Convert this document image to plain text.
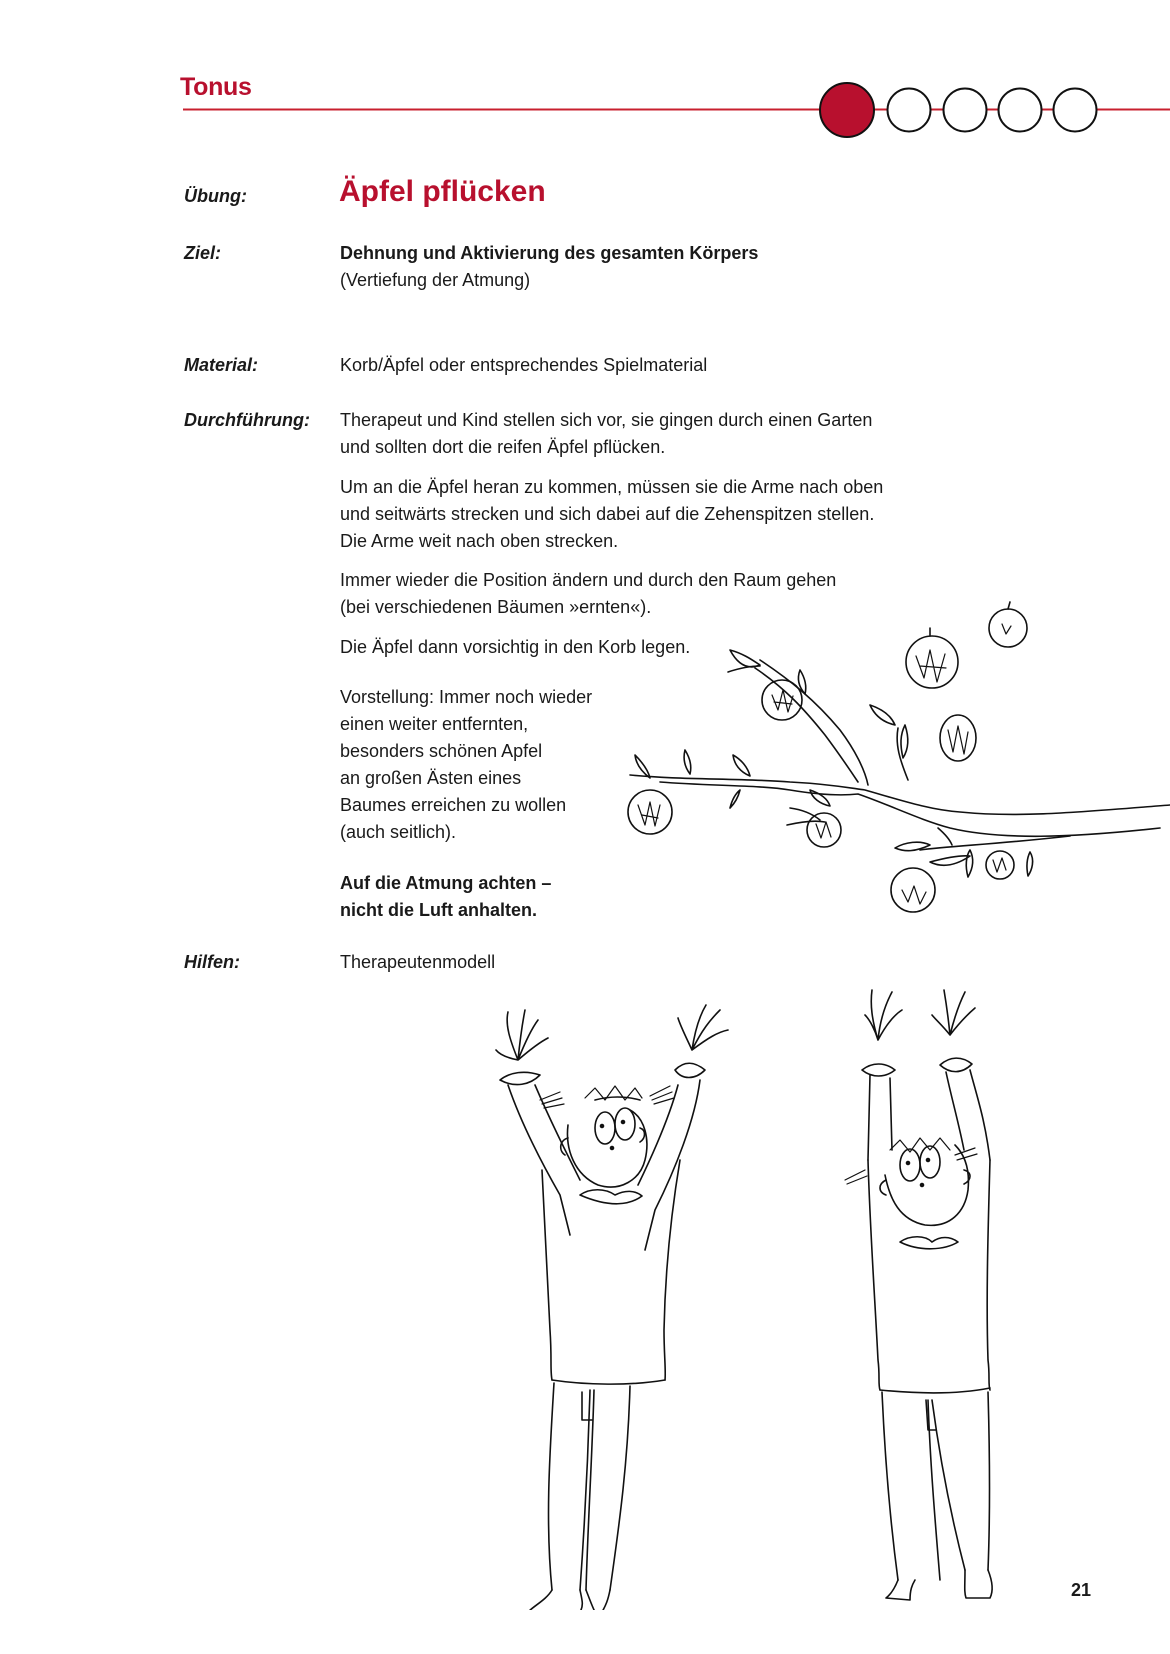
Tonus
Übung:	Äpfel pflücken
Ziel:	Dehnung und Aktivierung des gesamten Körpers
(Vertiefung der Atmung)
Material:	Korb/Äpfel oder entsprechendes Spielmaterial
Durchführung: Therapeut und Kind stellen sich vor, sie gingen durch einen Garten
und sollten dort die reifen Äpfel pflücken.
Um an die Äpfel heran zu kommen, müssen sie die Arme nach oben
und seitwärts strecken und sich dabei auf die Zehenspitzen stellen.
Die Arme weit nach oben strecken.
Immer wieder die Position ändern und durch den Raum gehen
(bei verschiedenen Bäumen »ernten«).
Die Äpfel dann vorsichtig in den Korb legen.
Vorstellung: Immer noch wieder
einen weiter entfernten,
besonders schönen Apfel
an großen Ästen eines
Baumes erreichen zu wollen
(auch seitlich).
Auf die Atmung achten –
nicht die Luft anhalten.
Hilfen:	Therapeutenmodell
21
